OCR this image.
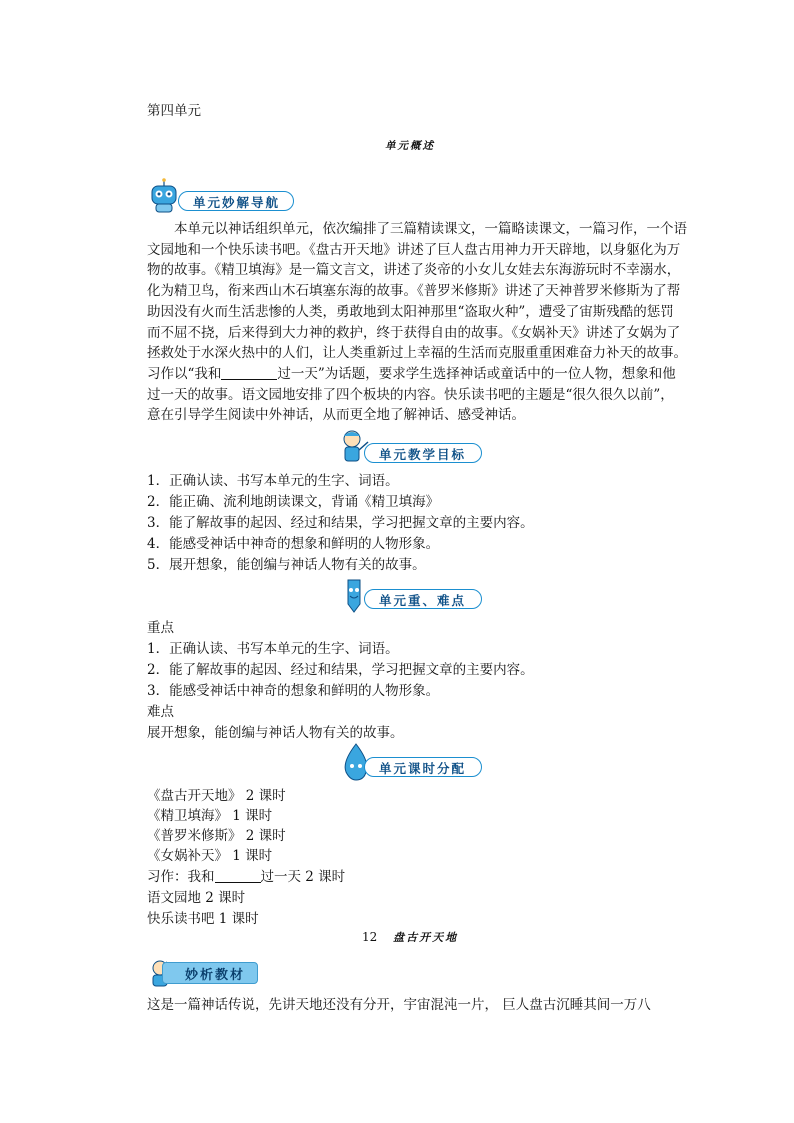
第四单元
单元概述
单元妙解导航

　　本单元以神话组织单元，依次编排了三篇精读课文，一篇略读课文，一篇习作，一个语

文园地和一个快乐读书吧。《盘古开天地》讲述了巨人盘古用神力开天辟地，以身躯化为万

物的故事。《精卫填海》是一篇文言文，讲述了炎帝的小女儿女娃去东海游玩时不幸溺水，

化为精卫鸟，衔来西山木石填塞东海的故事。《普罗米修斯》讲述了天神普罗米修斯为了帮

助因没有火而生活悲惨的人类，勇敢地到太阳神那里“盗取火种”，遭受了宙斯残酷的惩罚

而不屈不挠，后来得到大力神的救护，终于获得自由的故事。《女娲补天》讲述了女娲为了

拯救处于水深火热中的人们，让人类重新过上幸福的生活而克服重重困难奋力补天的故事。

习作以“我和	过一天”为话题，要求学生选择神话或童话中的一位人物，想象和他

过一天的故事。语文园地安排了四个板块的内容。快乐读书吧的主题是“很久很久以前”，

意在引导学生阅读中外神话，从而更全地了解神话、感受神话。

单元教学目标
1．正确认读、书写本单元的生字、词语。
2．能正确、流利地朗读课文，背诵《精卫填海》
3．能了解故事的起因、经过和结果，学习把握文章的主要内容。
4．能感受神话中神奇的想象和鲜明的人物形象。
5．展开想象，能创编与神话人物有关的故事。
单元重、难点
重点
1．正确认读、书写本单元的生字、词语。
2．能了解故事的起因、经过和结果，学习把握文章的主要内容。
3．能感受神话中神奇的想象和鲜明的人物形象。
难点
展开想象，能创编与神话人物有关的故事。
单元课时分配
《盘古开天地》 2 课时
《精卫填海》 1 课时
《普罗米修斯》 2 课时
《女娲补天》 1 课时
习作：我和	过一天 2 课时
语文园地 2 课时
快乐读书吧 1 课时
12 盘古开天地
妙析教材
这是一篇神话传说，先讲天地还没有分开，宇宙混沌一片， 巨人盘古沉睡其间一万八
